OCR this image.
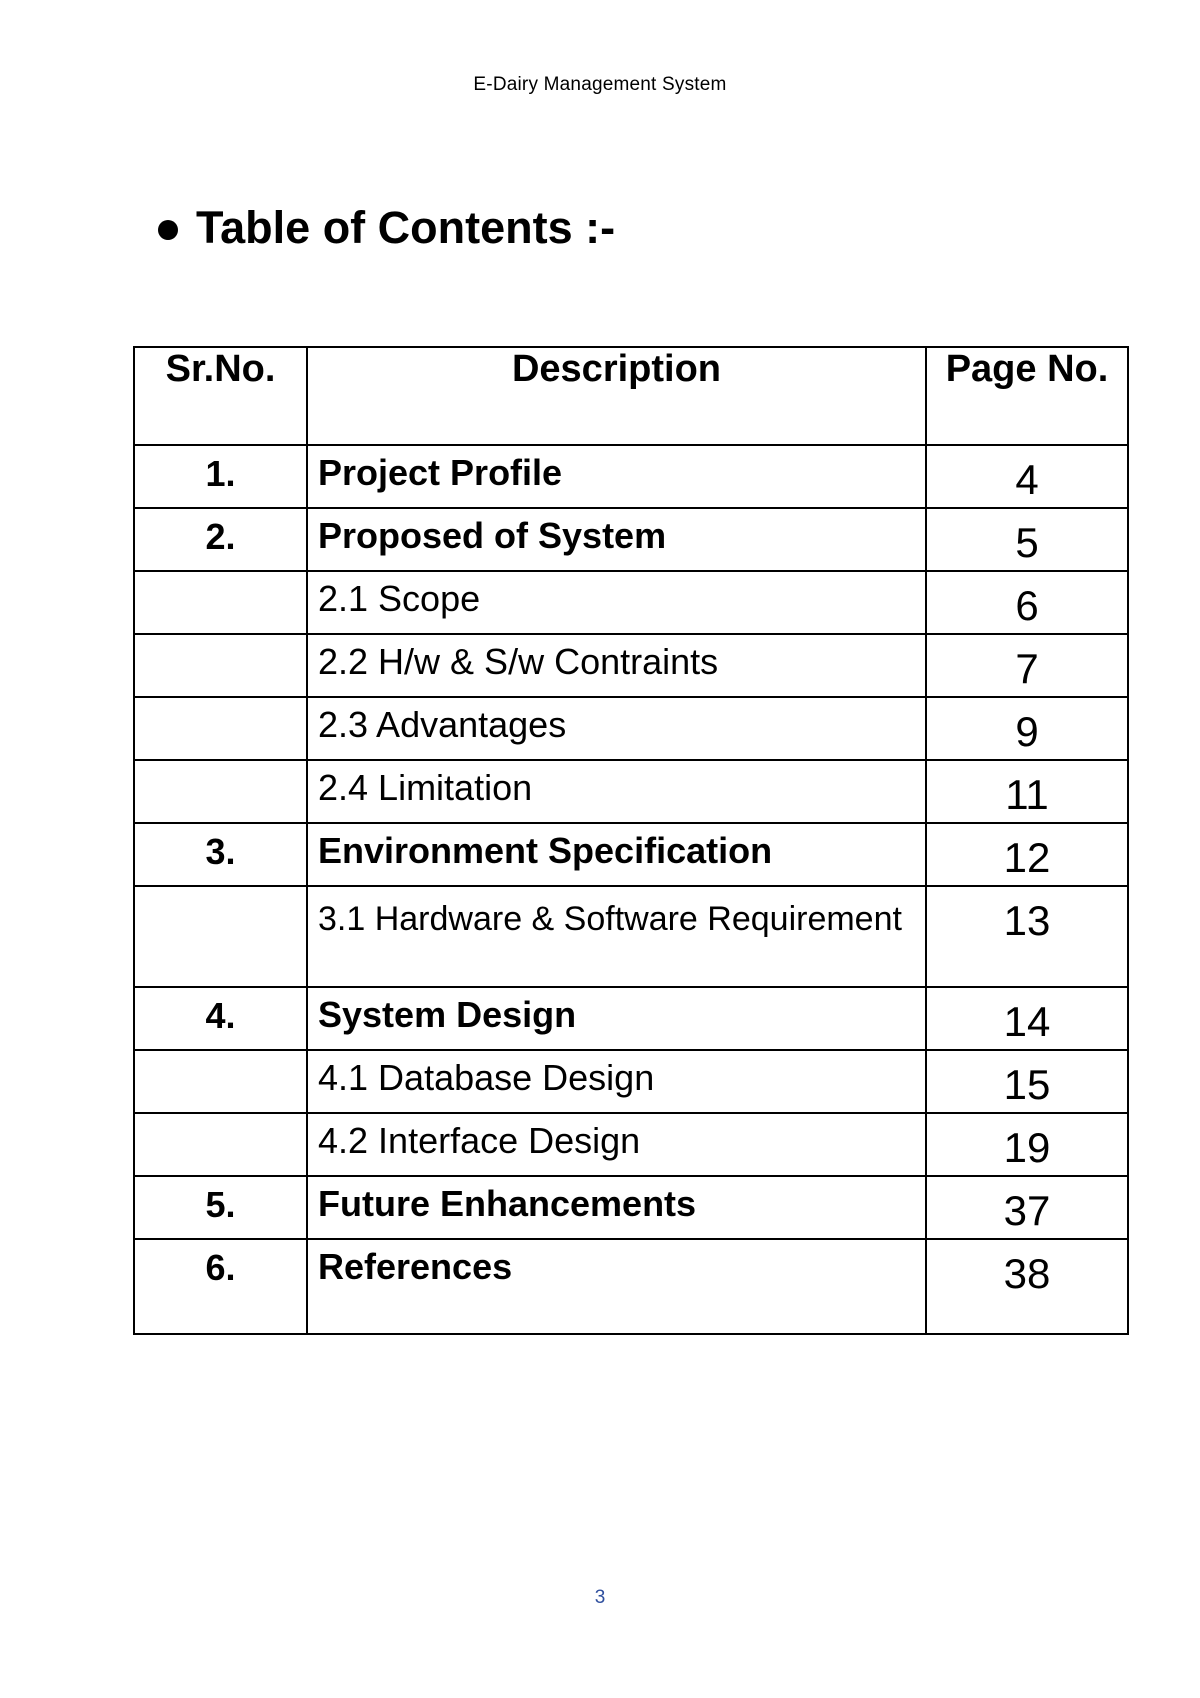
E-Dairy Management System
Table of Contents :-
Sr.No.	Description	Page No.
1.	Project Profile	4
2.	Proposed of System	5
	2.1 Scope	6
	2.2 H/w & S/w Contraints	7
	2.3 Advantages	9
	2.4 Limitation	11
3.	Environment Specification	12
	3.1 Hardware & Software Requirement	13
4.	System Design	14
	4.1 Database Design	15
	4.2 Interface Design	19
5.	Future Enhancements	37
6.	References	38
3
